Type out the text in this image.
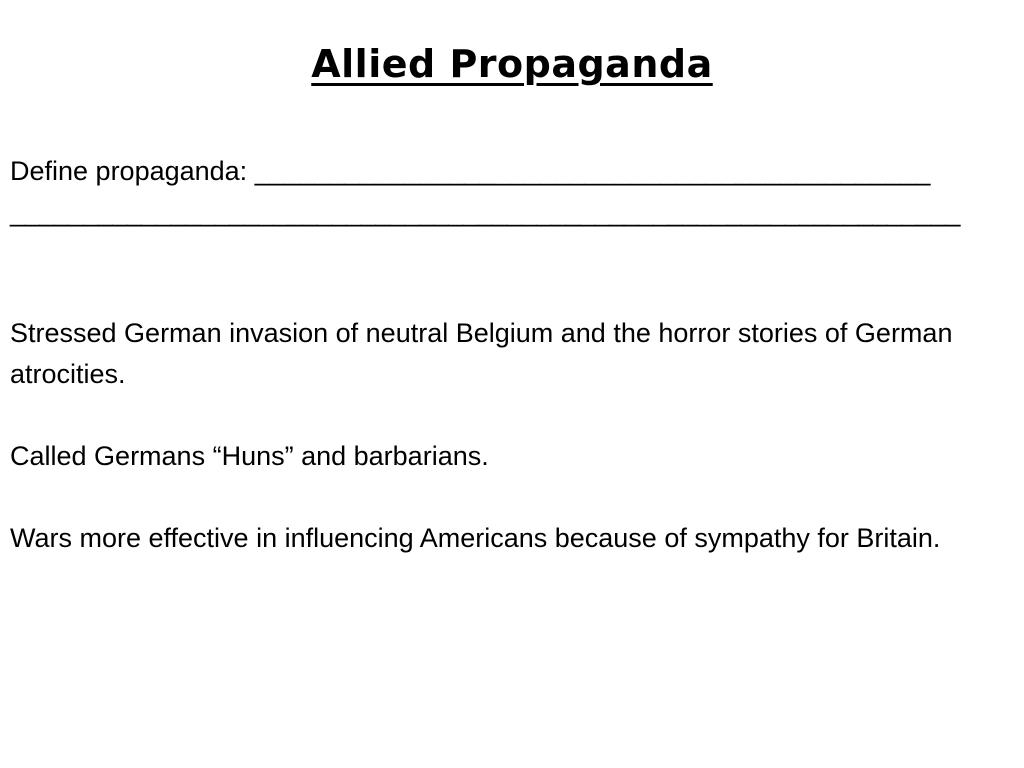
Allied Propaganda

Define propaganda: _____________________________________________

_________________________________________________________________

Stressed German invasion of neutral Belgium and the horror stories of German atrocities.

Called Germans “Huns” and barbarians.

Wars more effective in influencing Americans because of sympathy for Britain.
